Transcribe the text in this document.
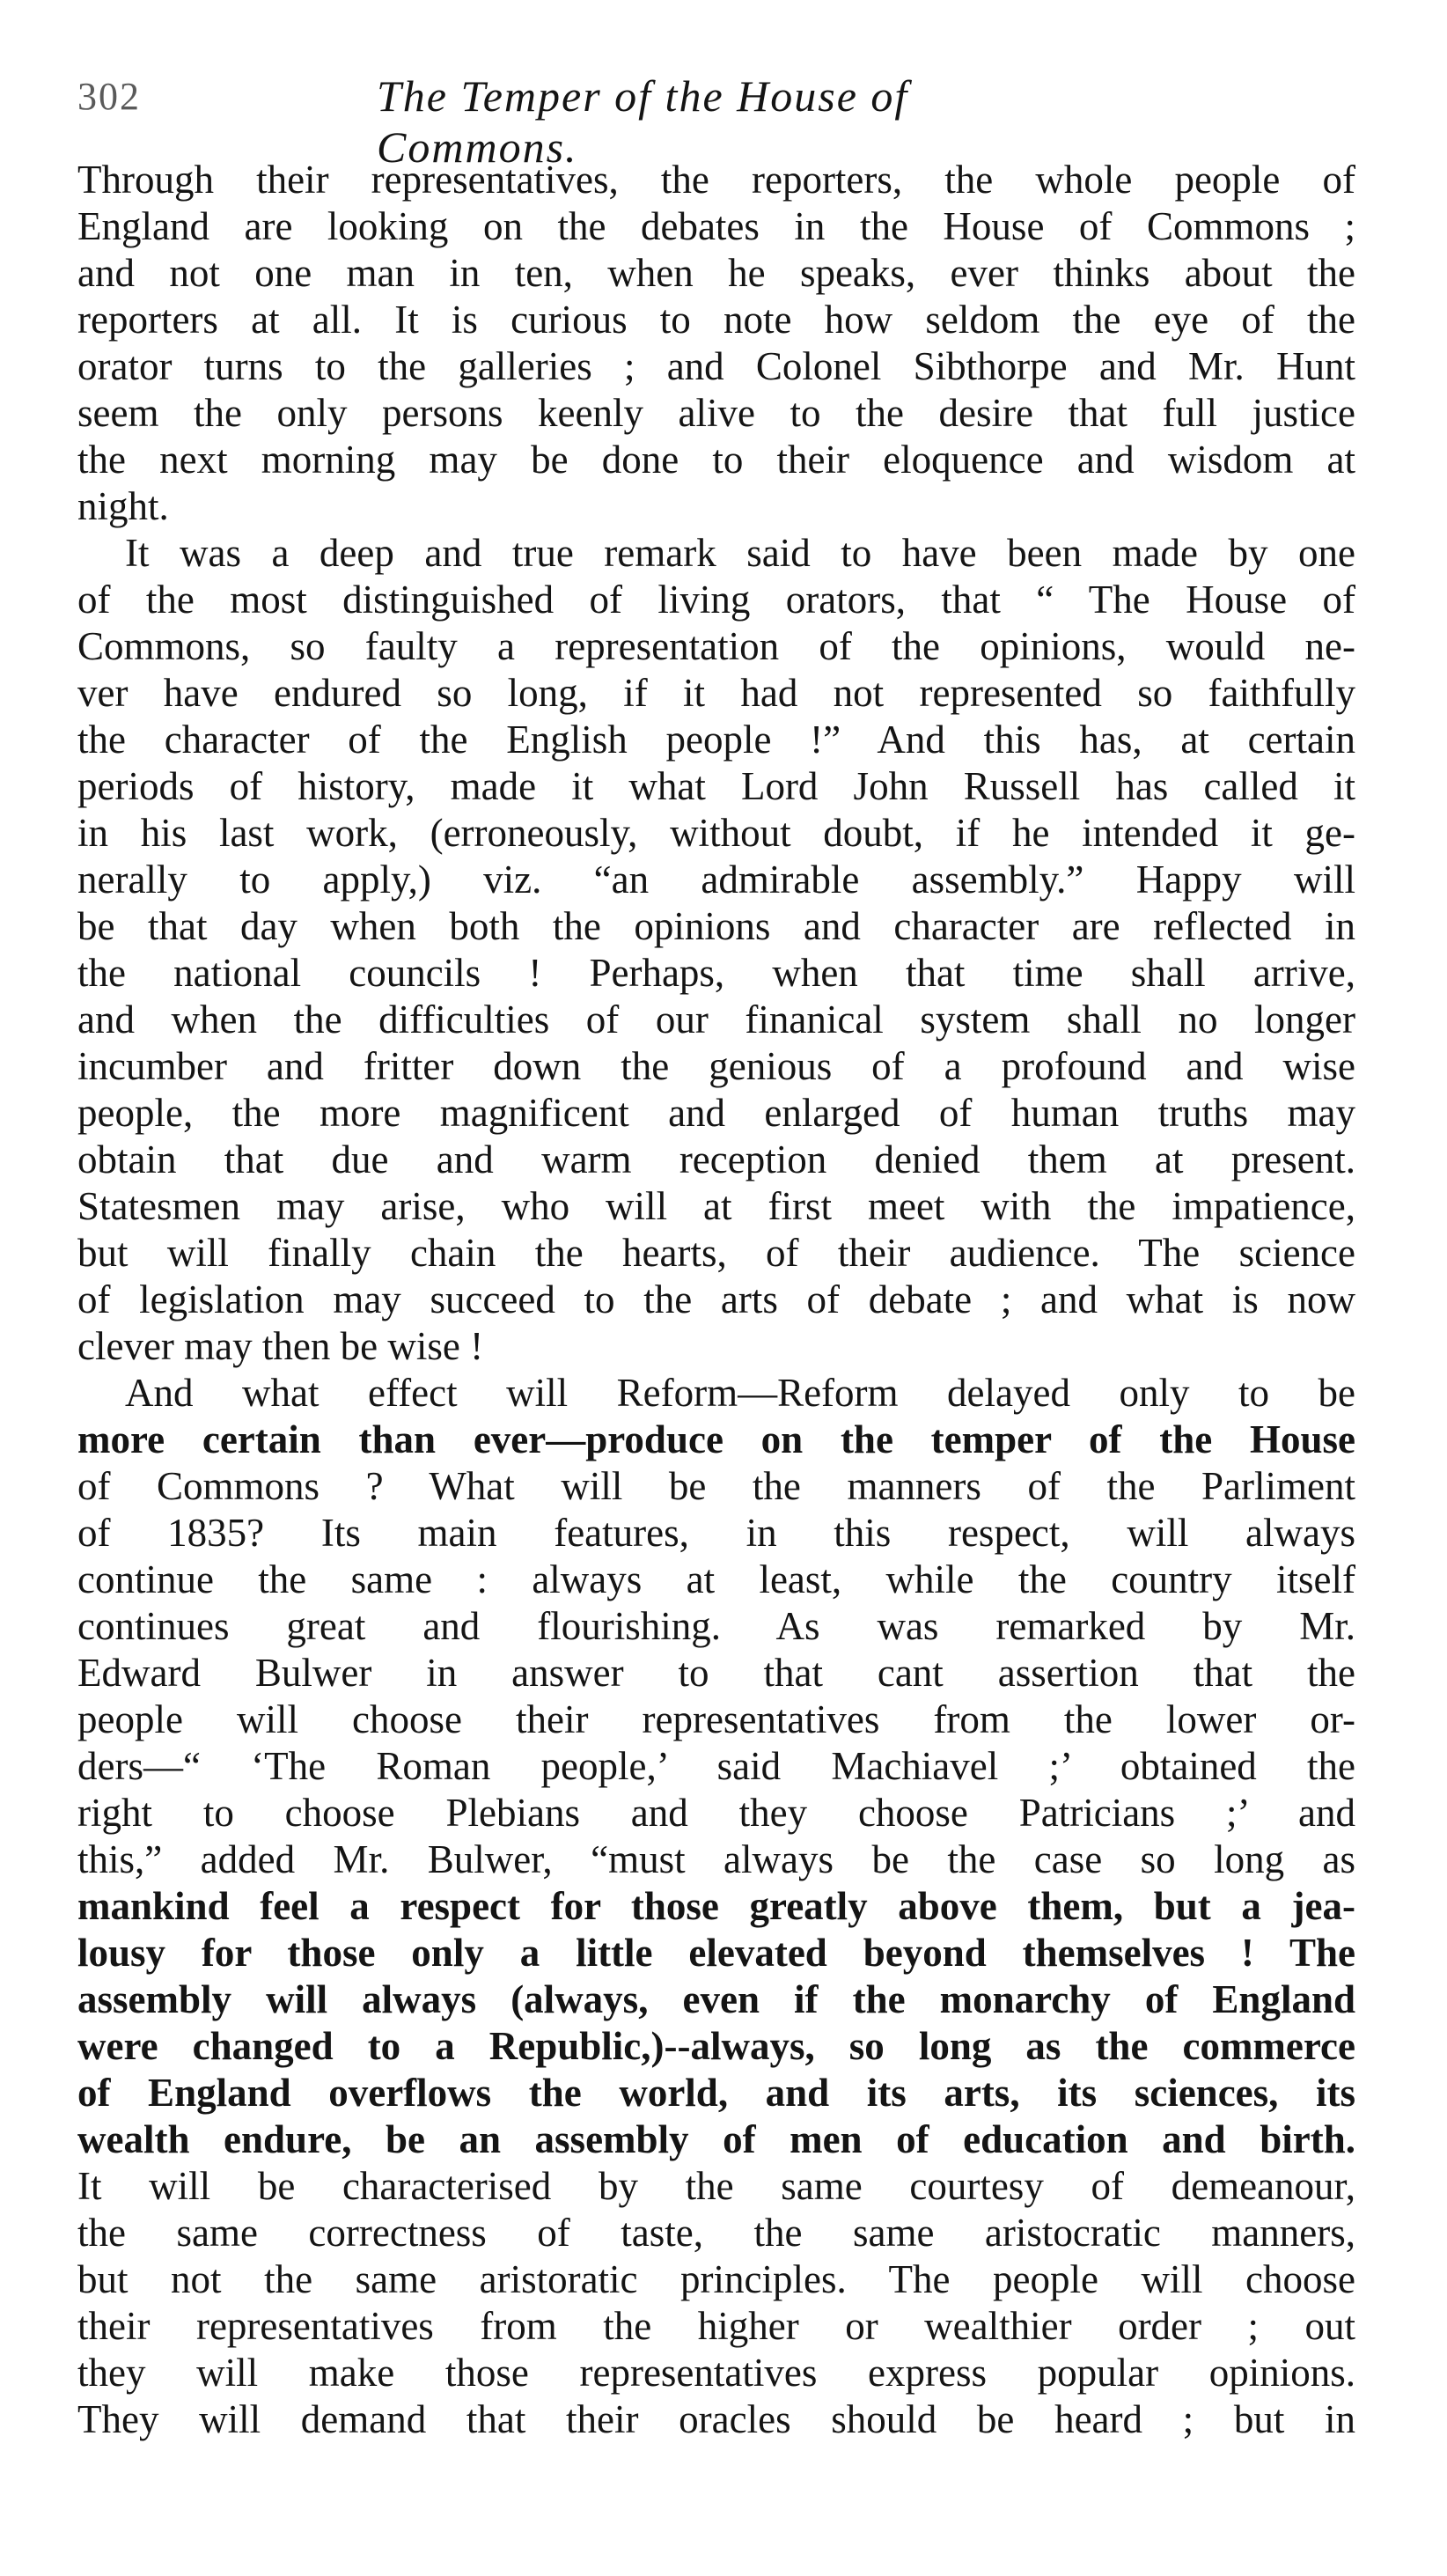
302	The Temper of the House of Commons.
Through their representatives, the reporters, the whole people of
England are looking on the debates in the House of Commons ;
and not one man in ten, when he speaks, ever thinks about the
reporters at all. It is curious to note how seldom the eye of the
orator turns to the galleries ; and Colonel Sibthorpe and Mr. Hunt
seem the only persons keenly alive to the desire that full justice
the next morning may be done to their eloquence and wisdom at
night.
It was a deep and true remark said to have been made by one
of the most distinguished of living orators, that “ The House of
Commons, so faulty a representation of the opinions, would ne-
ver have endured so long, if it had not represented so faithfully
the character of the English people !” And this has, at certain
periods of history, made it what Lord John Russell has called it
in his last work, (erroneously, without doubt, if he intended it ge-
nerally to apply,) viz. “an admirable assembly.” Happy will
be that day when both the opinions and character are reflected in
the national councils ! Perhaps, when that time shall arrive,
and when the difficulties of our finanical system shall no longer
incumber and fritter down the genious of a profound and wise
people, the more magnificent and enlarged of human truths may
obtain that due and warm reception denied them at present.
Statesmen may arise, who will at first meet with the impatience,
but will finally chain the hearts, of their audience. The science
of legislation may succeed to the arts of debate ; and what is now
clever may then be wise !
And what effect will Reform—Reform delayed only to be
more certain than ever—produce on the temper of the House
of Commons ? What will be the manners of the Parliment
of 1835? Its main features, in this respect, will always
continue the same : always at least, while the country itself
continues great and flourishing. As was remarked by Mr.
Edward Bulwer in answer to that cant assertion that the
people will choose their representatives from the lower or-
ders—“ ‘The Roman people,’ said Machiavel ;’ obtained the
right to choose Plebians and they choose Patricians ;’ and
this,” added Mr. Bulwer, “must always be the case so long as
mankind feel a respect for those greatly above them, but a jea-
lousy for those only a little elevated beyond themselves ! The
assembly will always (always, even if the monarchy of England
were changed to a Republic,)--always, so long as the commerce
of England overflows the world, and its arts, its sciences, its
wealth endure, be an assembly of men of education and birth.
It will be characterised by the same courtesy of demeanour,
the same correctness of taste, the same aristocratic manners,
but not the same aristoratic principles. The people will choose
their representatives from the higher or wealthier order ; out
they will make those representatives express popular opinions.
They will demand that their oracles should be heard ; but in
